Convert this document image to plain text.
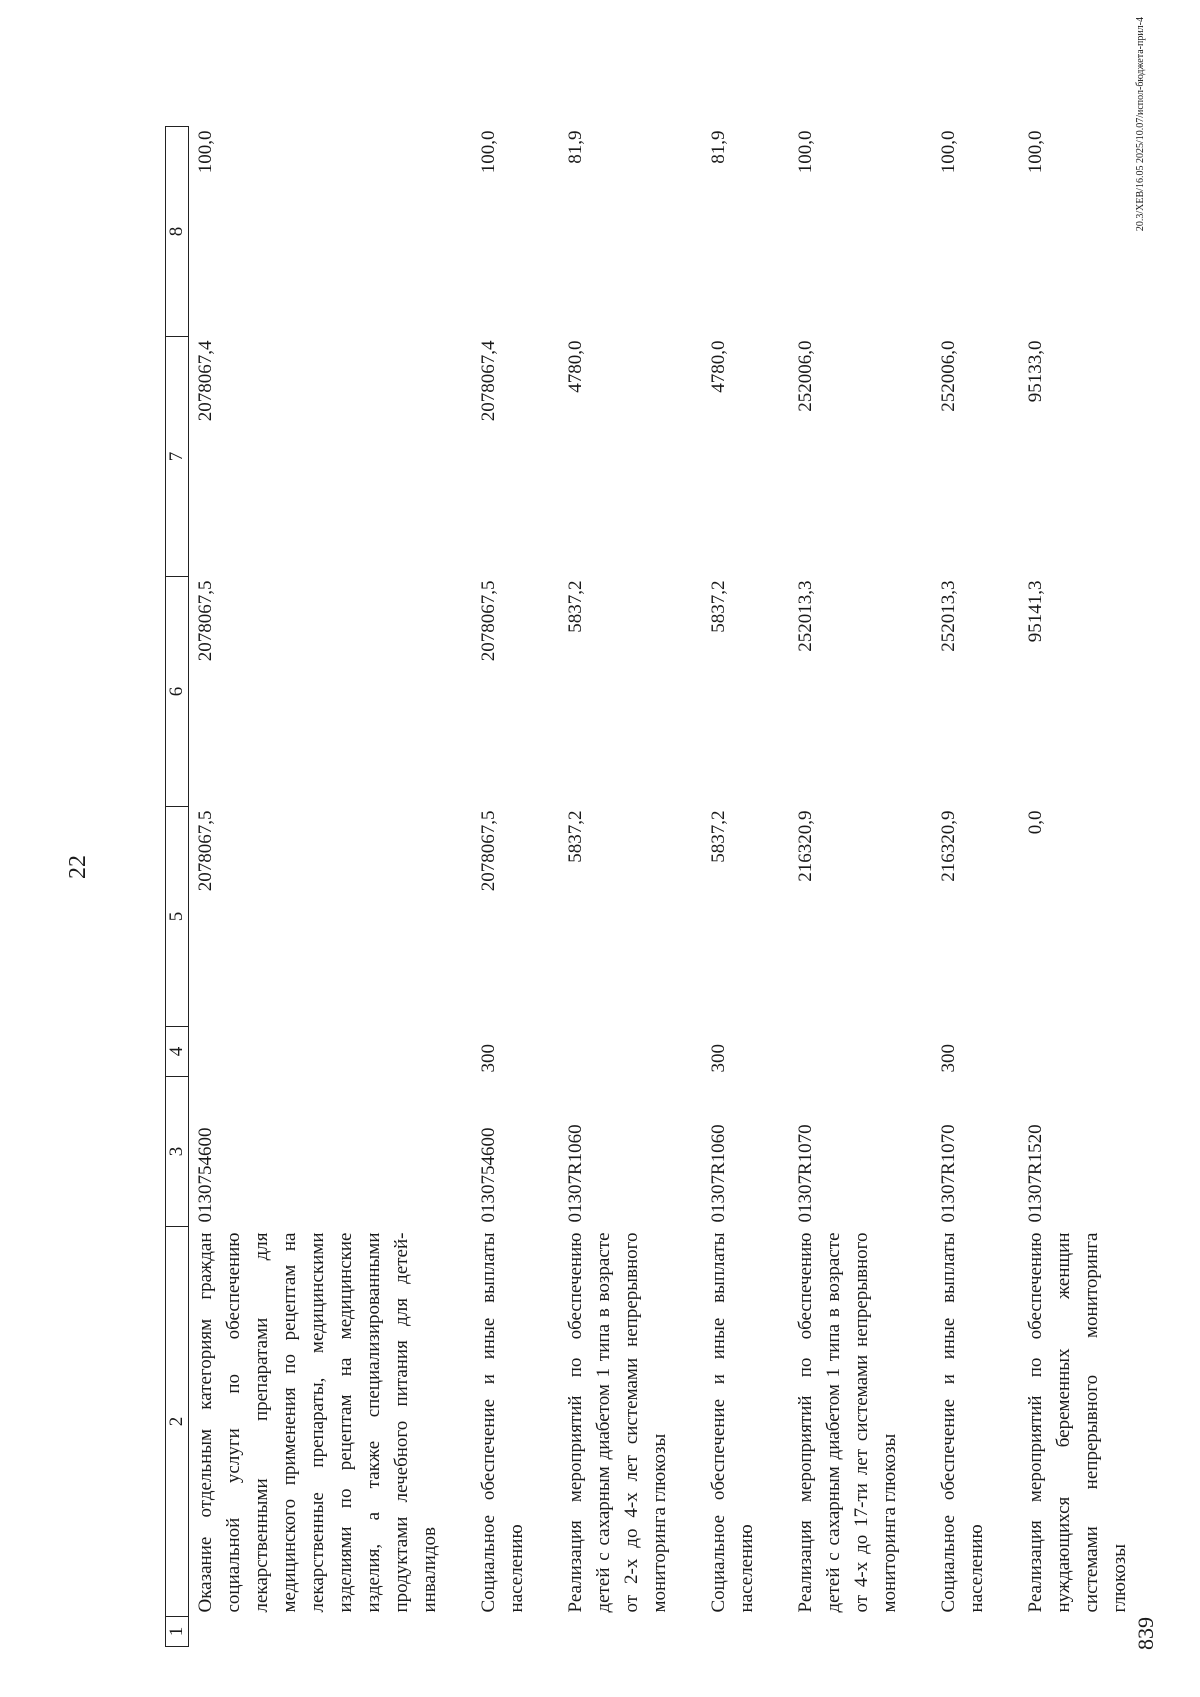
22
1	2	3	4	5	6	7	8
	Оказание отдельным категориям граждан социальной услуги по обеспечению лекарственными препаратами для медицинского применения по рецептам на лекарственные препараты, медицинскими изделиями по рецептам на медицинские изделия, а также специализированными продуктами лечебного питания для детей-инвалидов	0130754600		2078067,5	2078067,5	2078067,4	100,0
	Социальное обеспечение и иные выплаты населению	0130754600	300	2078067,5	2078067,5	2078067,4	100,0
	Реализация мероприятий по обеспечению детей с сахарным диабетом 1 типа в возрасте от 2-х до 4-х лет системами непрерывного мониторинга глюкозы	01307R1060		5837,2	5837,2	4780,0	81,9
	Социальное обеспечение и иные выплаты населению	01307R1060	300	5837,2	5837,2	4780,0	81,9
	Реализация мероприятий по обеспечению детей с сахарным диабетом 1 типа в возрасте от 4-х до 17-ти лет системами непрерывного мониторинга глюкозы	01307R1070		216320,9	252013,3	252006,0	100,0
	Социальное обеспечение и иные выплаты населению	01307R1070	300	216320,9	252013,3	252006,0	100,0
	Реализация мероприятий по обеспечению нуждающихся беременных женщин системами непрерывного мониторинга глюкозы	01307R1520		0,0	95141,3	95133,0	100,0	20.3/ХЕВ/16.05 2025/10.07/испол-бюджета-прил-4
839
